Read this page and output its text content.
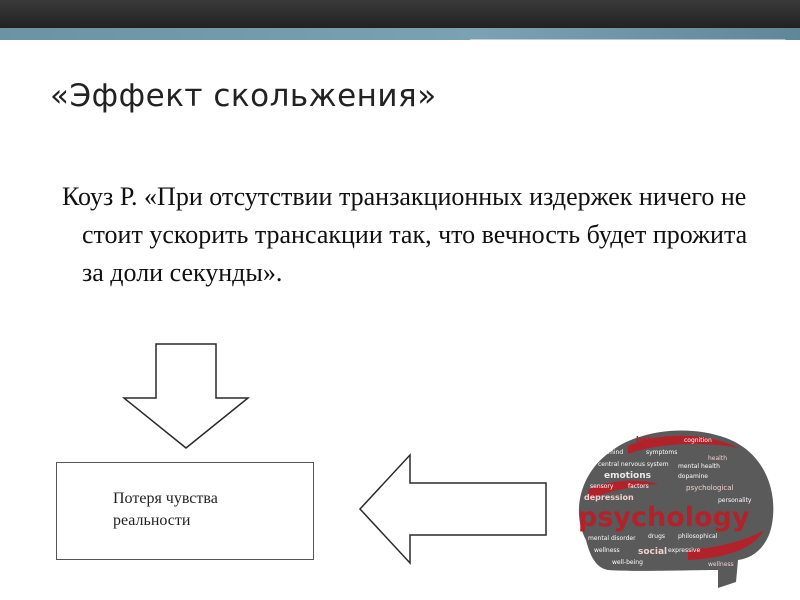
«Эффект скольжения»
Коуз Р. «При отсутствии транзакционных издержек ничего не стоит ускорить трансакции так, что вечность будет прожита за доли секунды».
Потеря чувства реальности
behavior cognition
mind	symptoms
health
central nervous system mental health
emotions	dopamine
sensory factors	psychological
depression	personality
psychology
mental disorder drugs philosophical
wellness social expressive
well-being	wellness
